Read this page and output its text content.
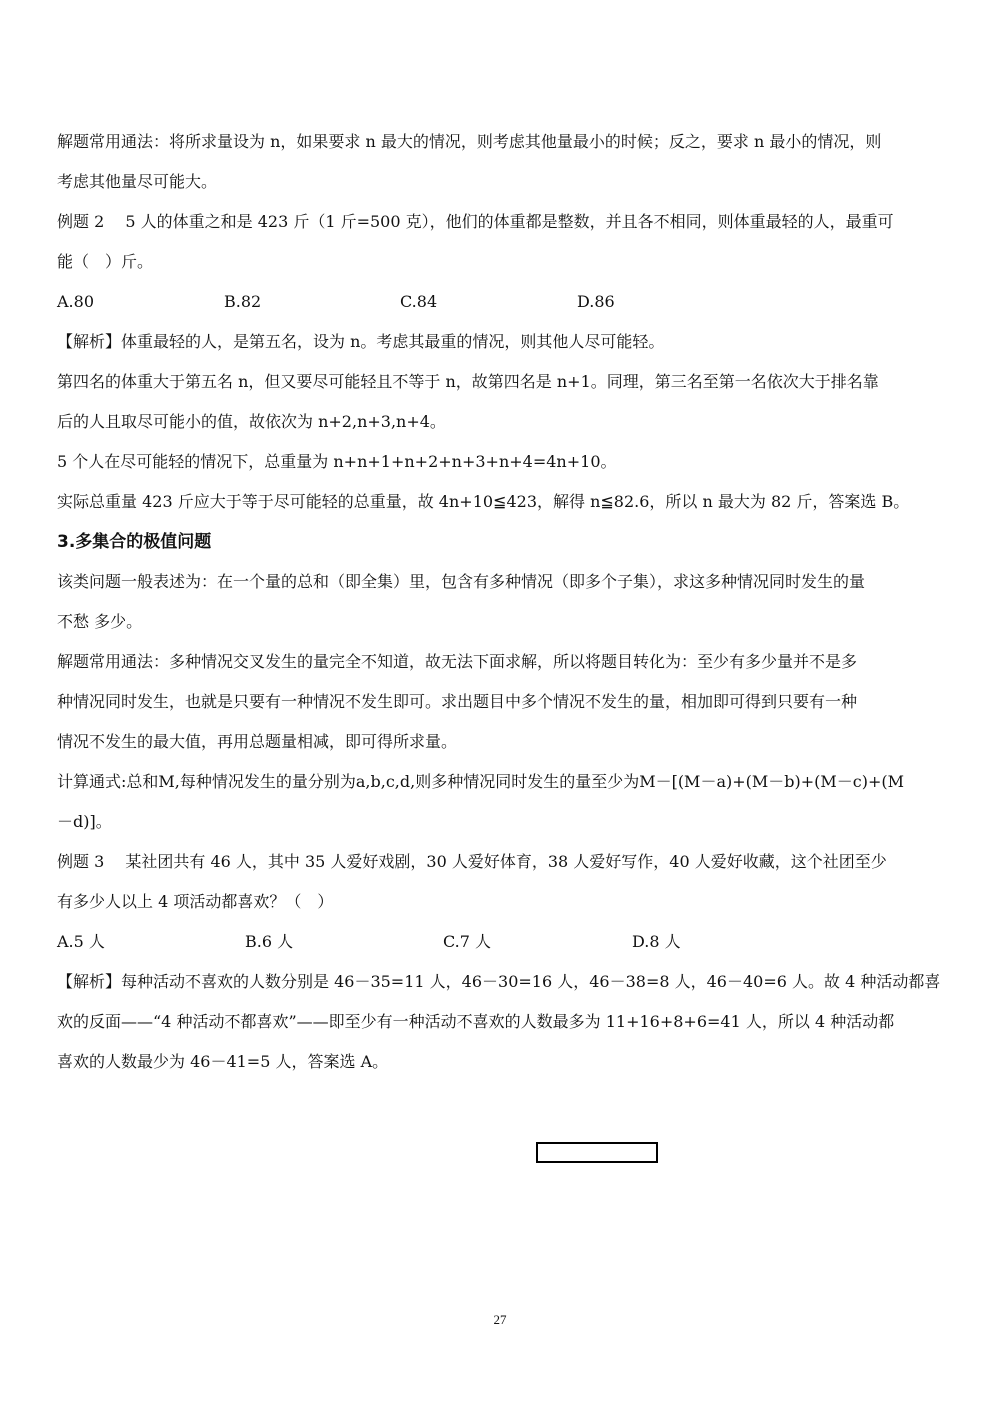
解题常用通法：将所求量设为 n，如果要求 n 最大的情况，则考虑其他量最小的时候；反之，要求 n 最小的情况，则

考虑其他量尽可能大。

例题 2　 5 人的体重之和是 423 斤（1 斤=500 克），他们的体重都是整数，并且各不相同，则体重最轻的人，最重可

能（　）斤。

A.80	B.82	C.84	D.86

【解析】体重最轻的人，是第五名，设为 n。考虑其最重的情况，则其他人尽可能轻。

第四名的体重大于第五名 n，但又要尽可能轻且不等于 n，故第四名是 n+1。同理，第三名至第一名依次大于排名靠

后的人且取尽可能小的值，故依次为 n+2,n+3,n+4。

5 个人在尽可能轻的情况下，总重量为 n+n+1+n+2+n+3+n+4=4n+10。

实际总重量 423 斤应大于等于尽可能轻的总重量，故 4n+10≦423，解得 n≦82.6，所以 n 最大为 82 斤，答案选 B。

3.多集合的极值问题

该类问题一般表述为：在一个量的总和（即全集）里，包含有多种情况（即多个子集），求这多种情况同时发生的量

不愁 多少。

解题常用通法：多种情况交叉发生的量完全不知道，故无法下面求解，所以将题目转化为：至少有多少量并不是多

种情况同时发生，也就是只要有一种情况不发生即可。求出题目中多个情况不发生的量，相加即可得到只要有一种

情况不发生的最大值，再用总题量相减，即可得所求量。

计算通式:总和M,每种情况发生的量分别为a,b,c,d,则多种情况同时发生的量至少为M－[(M－a)+(M－b)+(M－c)+(M

－d)]。

例题 3　 某社团共有 46 人，其中 35 人爱好戏剧，30 人爱好体育，38 人爱好写作，40 人爱好收藏，这个社团至少

有多少人以上 4 项活动都喜欢？（　）

A.5 人	B.6 人	C.7 人	D.8 人

【解析】每种活动不喜欢的人数分别是 46－35=11 人，46－30=16 人，46－38=8 人，46－40=6 人。故 4 种活动都喜

欢的反面——“4 种活动不都喜欢”——即至少有一种活动不喜欢的人数最多为 11+16+8+6=41 人，所以 4 种活动都

喜欢的人数最少为 46－41=5 人，答案选 A。

27
